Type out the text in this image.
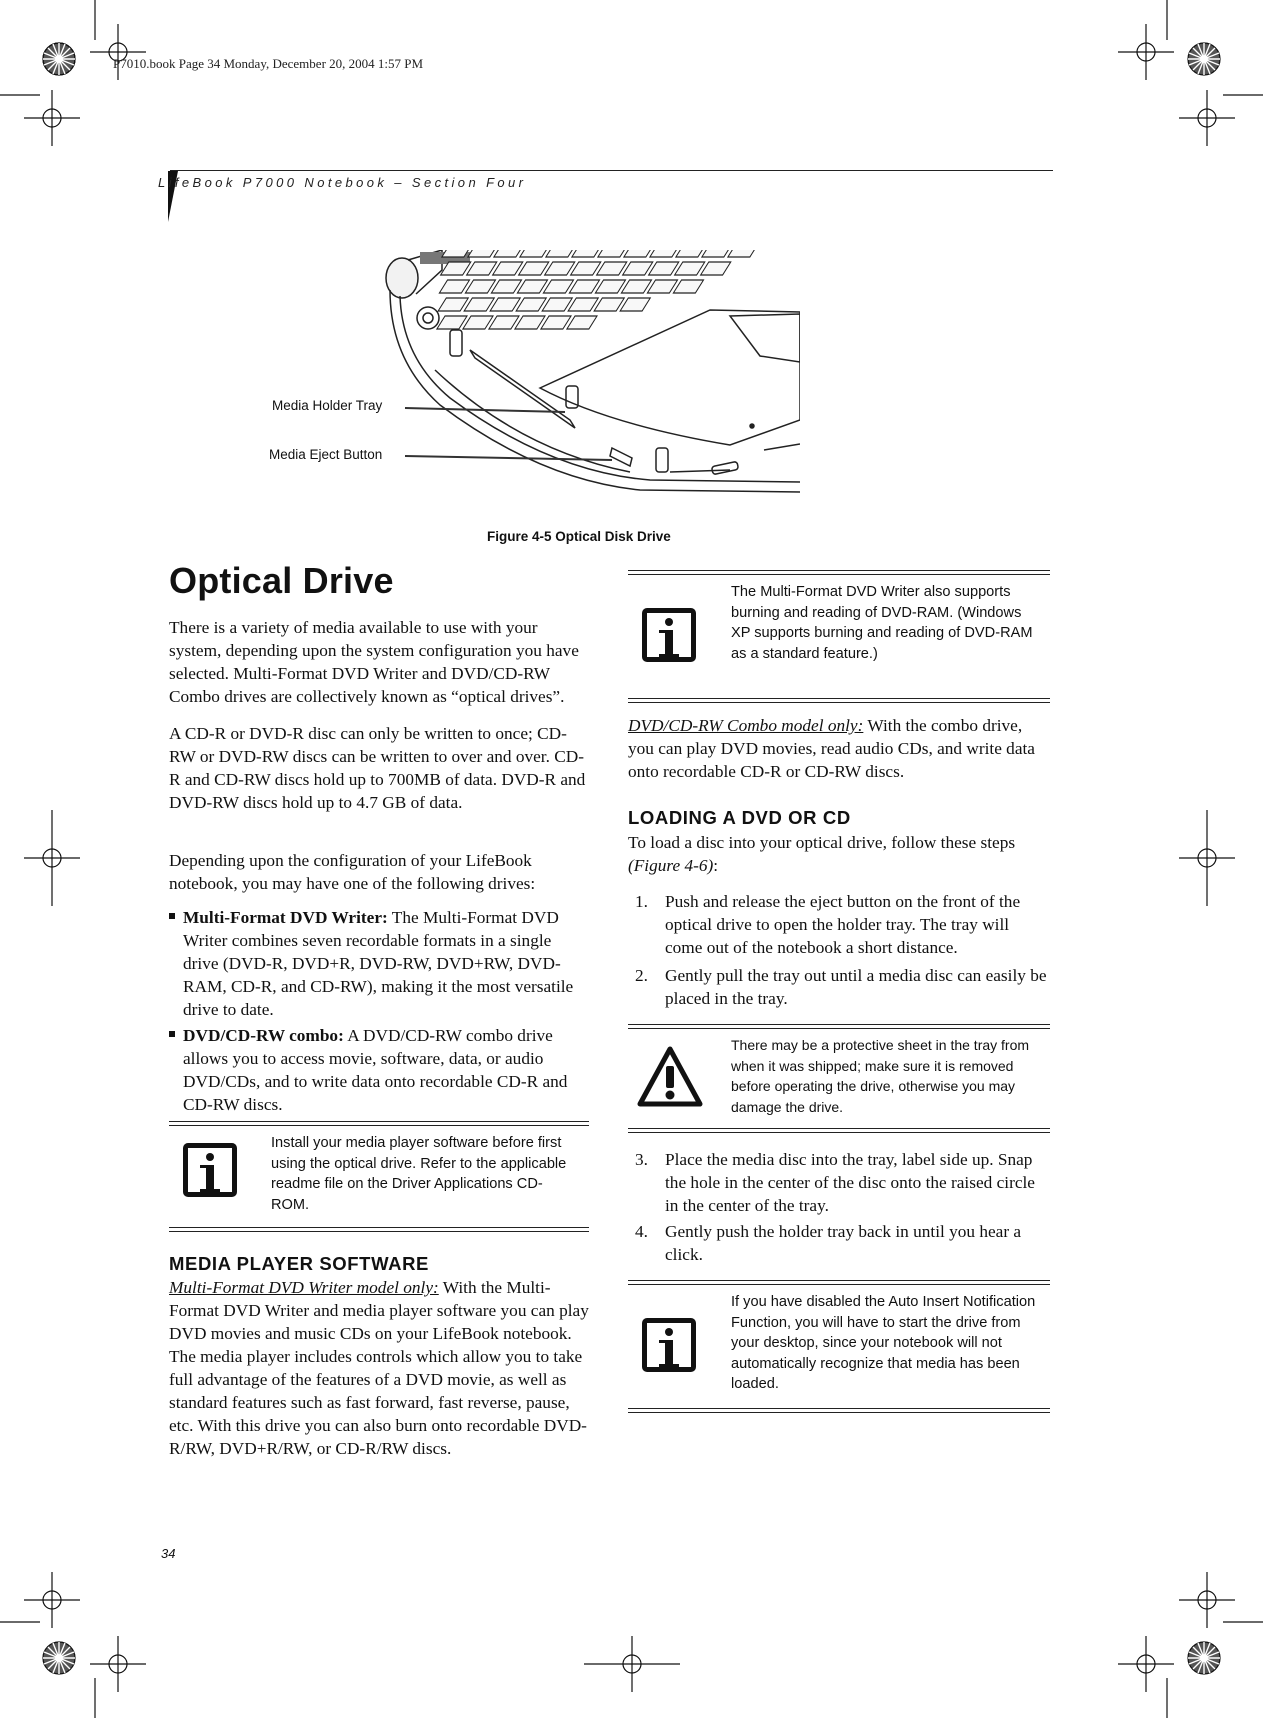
P7010.book Page 34 Monday, December 20, 2004 1:57 PM
LifeBook P7000 Notebook – Section Four
Media Holder Tray
Media Eject Button
Figure 4-5 Optical Disk Drive
Optical Drive
There is a variety of media available to use with your system, depending upon the system configuration you have selected. Multi-Format DVD Writer and DVD/CD-RW Combo drives are collectively known as “optical drives”.
A CD-R or DVD-R disc can only be written to once; CD-RW or DVD-RW discs can be written to over and over. CD-R and CD-RW discs hold up to 700MB of data. DVD-R and DVD-RW discs hold up to 4.7 GB of data.
Depending upon the configuration of your LifeBook notebook, you may have one of the following drives:
Multi-Format DVD Writer: The Multi-Format DVD Writer combines seven recordable formats in a single drive (DVD-R, DVD+R, DVD-RW, DVD+RW, DVD-RAM, CD-R, and CD-RW), making it the most versatile drive to date.
DVD/CD-RW combo: A DVD/CD-RW combo drive allows you to access movie, software, data, or audio DVD/CDs, and to write data onto recordable CD-R and CD-RW discs.
Install your media player software before first using the optical drive. Refer to the applicable readme file on the Driver Applications CD-ROM.
MEDIA PLAYER SOFTWARE
Multi-Format DVD Writer model only: With the Multi-Format DVD Writer and media player software you can play DVD movies and music CDs on your LifeBook notebook. The media player includes controls which allow you to take full advantage of the features of a DVD movie, as well as standard features such as fast forward, fast reverse, pause, etc. With this drive you can also burn onto recordable DVD-R/RW, DVD+R/RW, or CD-R/RW discs.
The Multi-Format DVD Writer also supports burning and reading of DVD-RAM. (Windows XP supports burning and reading of DVD-RAM as a standard feature.)
DVD/CD-RW Combo model only: With the combo drive, you can play DVD movies, read audio CDs, and write data onto recordable CD-R or CD-RW discs.
LOADING A DVD OR CD
To load a disc into your optical drive, follow these steps (Figure 4-6):
1. Push and release the eject button on the front of the optical drive to open the holder tray. The tray will come out of the notebook a short distance.
2. Gently pull the tray out until a media disc can easily be placed in the tray.
There may be a protective sheet in the tray from when it was shipped; make sure it is removed before operating the drive, otherwise you may damage the drive.
3. Place the media disc into the tray, label side up. Snap the hole in the center of the disc onto the raised circle in the center of the tray.
4. Gently push the holder tray back in until you hear a click.
If you have disabled the Auto Insert Notification Function, you will have to start the drive from your desktop, since your notebook will not automatically recognize that media has been loaded.
34
